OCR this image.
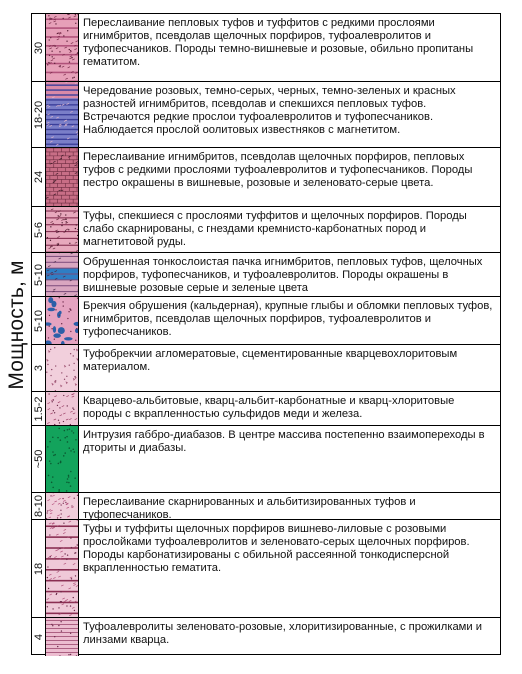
Мощность, м
30
Переслаивание пепловых туфов и туффитов с редкими прослоями игнимбритов, псевдолав щелочных порфиров, туфоалевролитов и туфопесчаников. Породы темно-вишневые и розовые, обильно пропитаны гематитом.
18-20
Чередование розовых, темно-серых, черных, темно-зеленых и красных разностей игнимбритов, псевдолав и спекшихся пепловых туфов. Встречаются редкие прослои туфоалевролитов и туфопесчаников. Наблюдается прослой оолитовых известняков с магнетитом.
24
Переслаивание игнимбритов, псевдолав щелочных порфиров, пепловых туфов с редкими прослоями туфоалевролитов и туфопесчаников. Породы пестро окрашены в вишневые, розовые и зеленовато-серые цвета.
5-6
Туфы, спекшиеся с прослоями туффитов и щелочных порфиров. Породы слабо скарнированы, с гнездами кремнисто-карбонатных пород и магнетитовой руды.
5-10
Обрушенная тонкослоистая пачка игнимбритов, пепловых туфов, щелочных порфиров, туфопесчаников, и туфоалевролитов. Породы окрашены в вишневые розовые серые и зеленые цвета
5-10
Брекчия обрушения (кальдерная), крупные глыбы и обломки пепловых туфов, игнимбритов, псевдолав щелочных порфиров, туфоалевролитов и туфопесчаников.
3
Туфобрекчии агломератовые, сцементированные кварцевохлоритовым материалом.
1.5-2	Кварцево-альбитовые, кварц-альбит-карбонатные и кварц-хлоритовые породы с вкрапленностью сульфидов меди и железа.
~50
Интрузия габбро-диабазов. В центре массива постепенно взаимопереходы в дториты и диабазы.
8-10	Переслаивание скарнированных и альбитизированных туфов и туфопесчаников.
18
Туфы и туффиты щелочных порфиров вишнево-лиловые с розовыми прослойками туфоалевролитов и зеленовато-серых щелочных порфиров. Породы карбонатизированы с обильной рассеянной тонкодисперсной вкрапленностью гематита.
4
Туфоалевролиты зеленовато-розовые, хлоритизированные, с прожилками и линзами кварца.
